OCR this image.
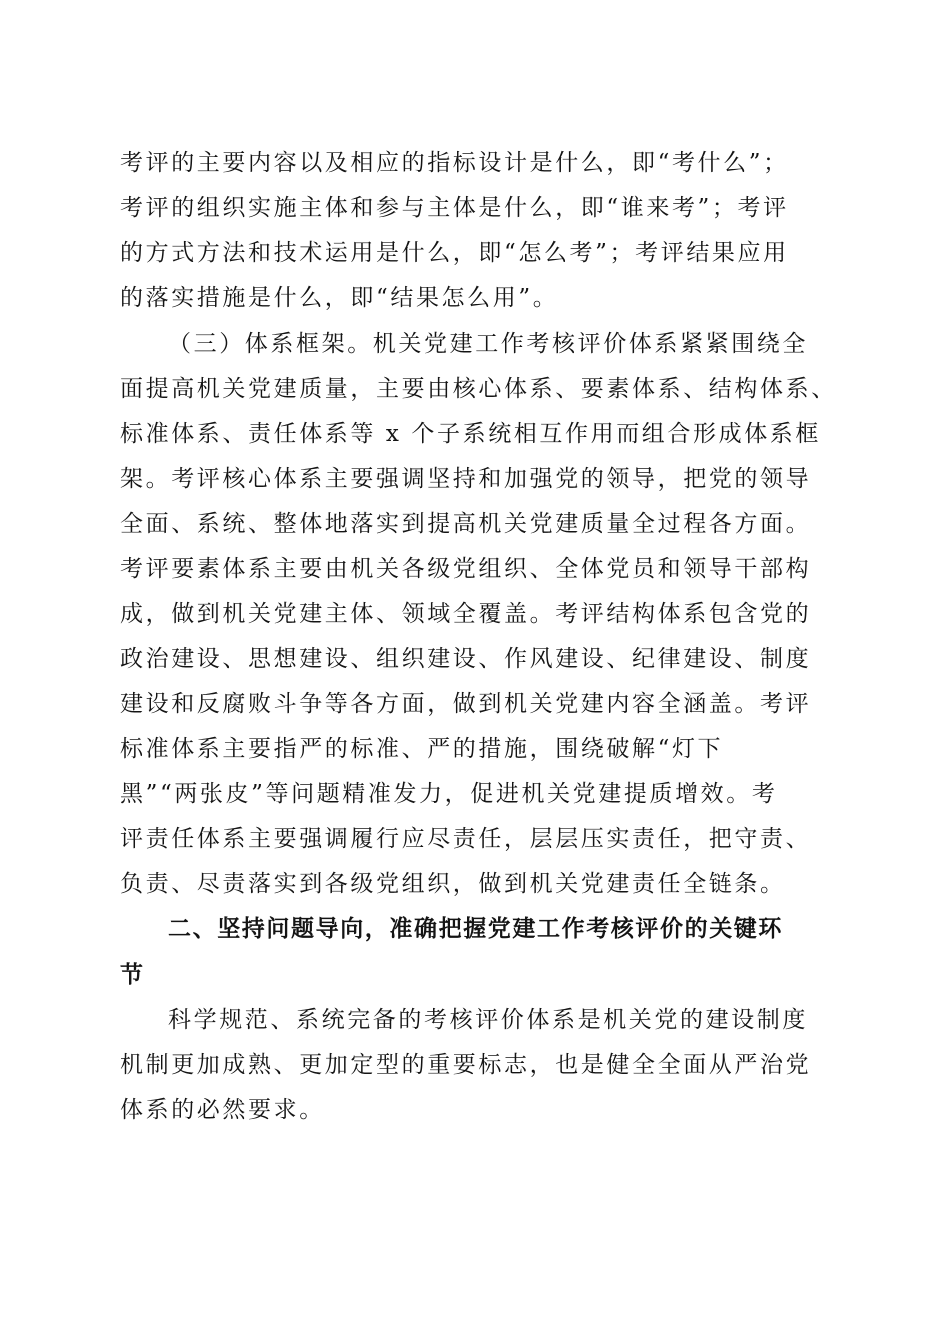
考评的主要内容以及相应的指标设计是什么，即“考什么”；
考评的组织实施主体和参与主体是什么，即“谁来考”；考评
的方式方法和技术运用是什么，即“怎么考”；考评结果应用
的落实措施是什么，即“结果怎么用”。
（三）体系框架。机关党建工作考核评价体系紧紧围绕全
面提高机关党建质量，主要由核心体系、要素体系、结构体系、
标准体系、责任体系等 x 个子系统相互作用而组合形成体系框
架。考评核心体系主要强调坚持和加强党的领导，把党的领导
全面、系统、整体地落实到提高机关党建质量全过程各方面。
考评要素体系主要由机关各级党组织、全体党员和领导干部构
成，做到机关党建主体、领域全覆盖。考评结构体系包含党的
政治建设、思想建设、组织建设、作风建设、纪律建设、制度
建设和反腐败斗争等各方面，做到机关党建内容全涵盖。考评
标准体系主要指严的标准、严的措施，围绕破解“灯下
黑”“两张皮”等问题精准发力，促进机关党建提质增效。考
评责任体系主要强调履行应尽责任，层层压实责任，把守责、
负责、尽责落实到各级党组织，做到机关党建责任全链条。
二、坚持问题导向，准确把握党建工作考核评价的关键环
节
科学规范、系统完备的考核评价体系是机关党的建设制度
机制更加成熟、更加定型的重要标志，也是健全全面从严治党
体系的必然要求。
